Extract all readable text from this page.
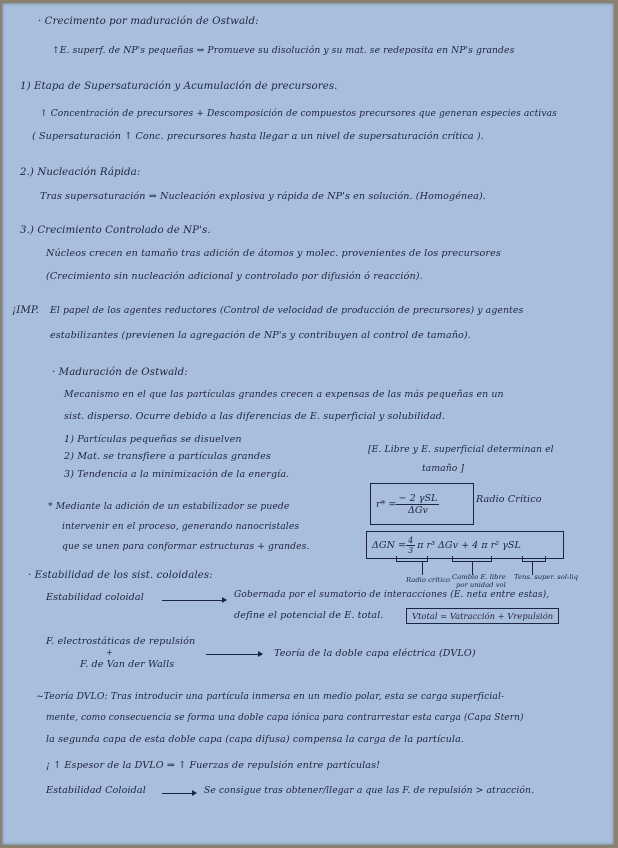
· Crecimento por maduración de Ostwald:
↑E. superf. de NP's pequeñas ⇒ Promueve su disolución y su mat. se redeposita en NP's grandes
1) Etapa de Supersaturación y Acumulación de precursores.
↑ Concentración de precursores + Descomposición de compuestos precursores que generan especies activas
( Supersaturación ↑ Conc. precursores hasta llegar a un nivel de supersaturación crítica ).
2.) Nucleación Rápida:
Tras supersaturación ⇒ Nucleación explosiva y rápida de NP's en solución. (Homogénea).
3.) Crecimiento Controlado de NP's.
Núcleos crecen en tamaño tras adición de átomos y molec. provenientes de los precursores
(Crecimiento sin nucleación adicional y controlado por difusión ó reacción).
¡IMP. El papel de los agentes reductores (Control de velocidad de producción de precursores) y agentes
estabilizantes (previenen la agregación de NP's y contribuyen al control de tamaño).
· Maduración de Ostwald:
Mecanismo en el que las partículas grandes crecen a expensas de las más pequeñas en un
sist. disperso. Ocurre debido a las diferencias de E. superficial y solubilidad.
1) Partículas pequeñas se disuelven
2) Mat. se transfiere a partículas grandes
3) Tendencia a la minimización de la energía.
[E. Libre y E. superficial determinan el
tamaño ]
* Mediante la adición de un estabilizador se puede
intervenir en el proceso, generando nanocristales
que se unen para conformar estructuras + grandes.
$r* = \frac{\text{− 2 γSL}}{\text{ΔGv}}$	Radio Crítico
$\Delta GN = \frac{4}{3}$ π r³ ΔGv + 4 π r² γSL
Radio crítico Cambio E. libre
por unidad vol
Tens. super. sol-liq
· Estabilidad de los sist. coloidales:
Estabilidad coloidal	Gobernada por el sumatorio de interacciones (E. neta entre estas),
define el potencial de E. total.	Vtotal = Vatracción + Vrepulsión
F. electrostáticas de repulsión
+
F. de Van der Walls
Teoría de la doble capa eléctrica (DVLO)
~Teoría DVLO: Tras introducir una partícula inmersa en un medio polar, esta se carga superficial-
mente, como consecuencia se forma una doble capa iónica para contrarrestar esta carga (Capa Stern)
la segunda capa de esta doble capa (capa difusa) compensa la carga de la partícula.
¡ ↑ Espesor de la DVLO ⇒ ↑ Fuerzas de repulsión entre partículas!
Estabilidad Coloidal	Se consigue tras obtener/llegar a que las F. de repulsión > atracción.
